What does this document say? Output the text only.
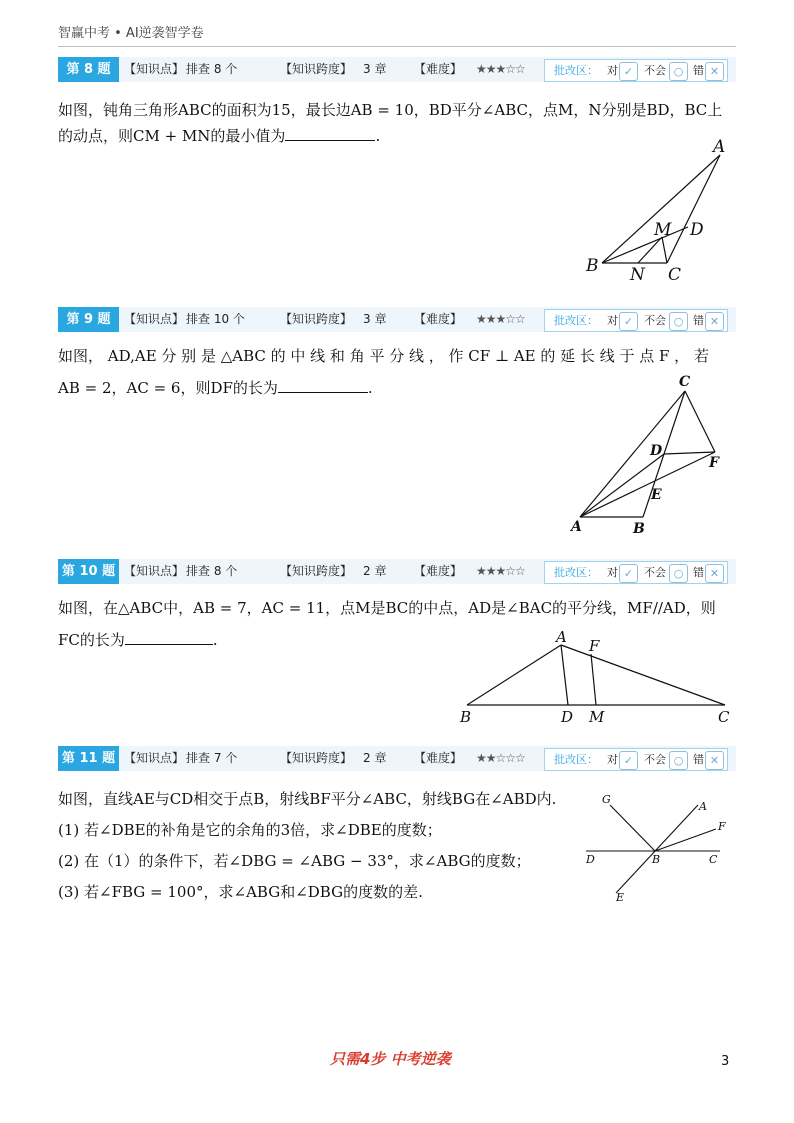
智赢中考 • AI逆袭智学卷
第 8 题	【知识点】 排查 8 个	【知识跨度】 3 章 【难度】 ★★★☆☆	批改区： 对 ✓ 不会 ○ 错 ✕
如图，钝角三角形ABC的面积为15，最长边AB = 10，BD平分∠ABC，点M，N分别是BD，BC上
的动点，则CM + MN的最小值为	.
A
B	C
D
M
N
第 9 题	【知识点】 排查 10 个	【知识跨度】 3 章 【难度】 ★★★☆☆	批改区： 对 ✓ 不会 ○ 错 ✕
如图， AD,AE 分 别 是 △ABC 的 中 线 和 角 平 分 线 ， 作 CF ⊥ AE 的 延 长 线 于 点 F ， 若
AB = 2，AC = 6，则DF的长为	.	C
D
F
E
A	B
第 10 题 【知识点】 排查 8 个	【知识跨度】 2 章 【难度】 ★★★☆☆	批改区： 对 ✓ 不会 ○ 错 ✕
如图，在△ABC中，AB = 7，AC = 11，点M是BC的中点，AD是∠BAC的平分线，MF//AD，则
FC的长为	.	A F
B	D M	C
第 11 题 【知识点】 排查 7 个	【知识跨度】 2 章 【难度】 ★★☆☆☆	批改区： 对 ✓ 不会 ○ 错 ✕
如图，直线AE与CD相交于点B，射线BF平分∠ABC，射线BG在∠ABD内.
(1) 若∠DBE的补角是它的余角的3倍，求∠DBE的度数；
(2) 在（1）的条件下，若∠DBG = ∠ABG − 33°，求∠ABG的度数；
(3) 若∠FBG = 100°，求∠ABG和∠DBG的度数的差.
G
A
F
D	B	C
E
只需4步 中考逆袭	3
